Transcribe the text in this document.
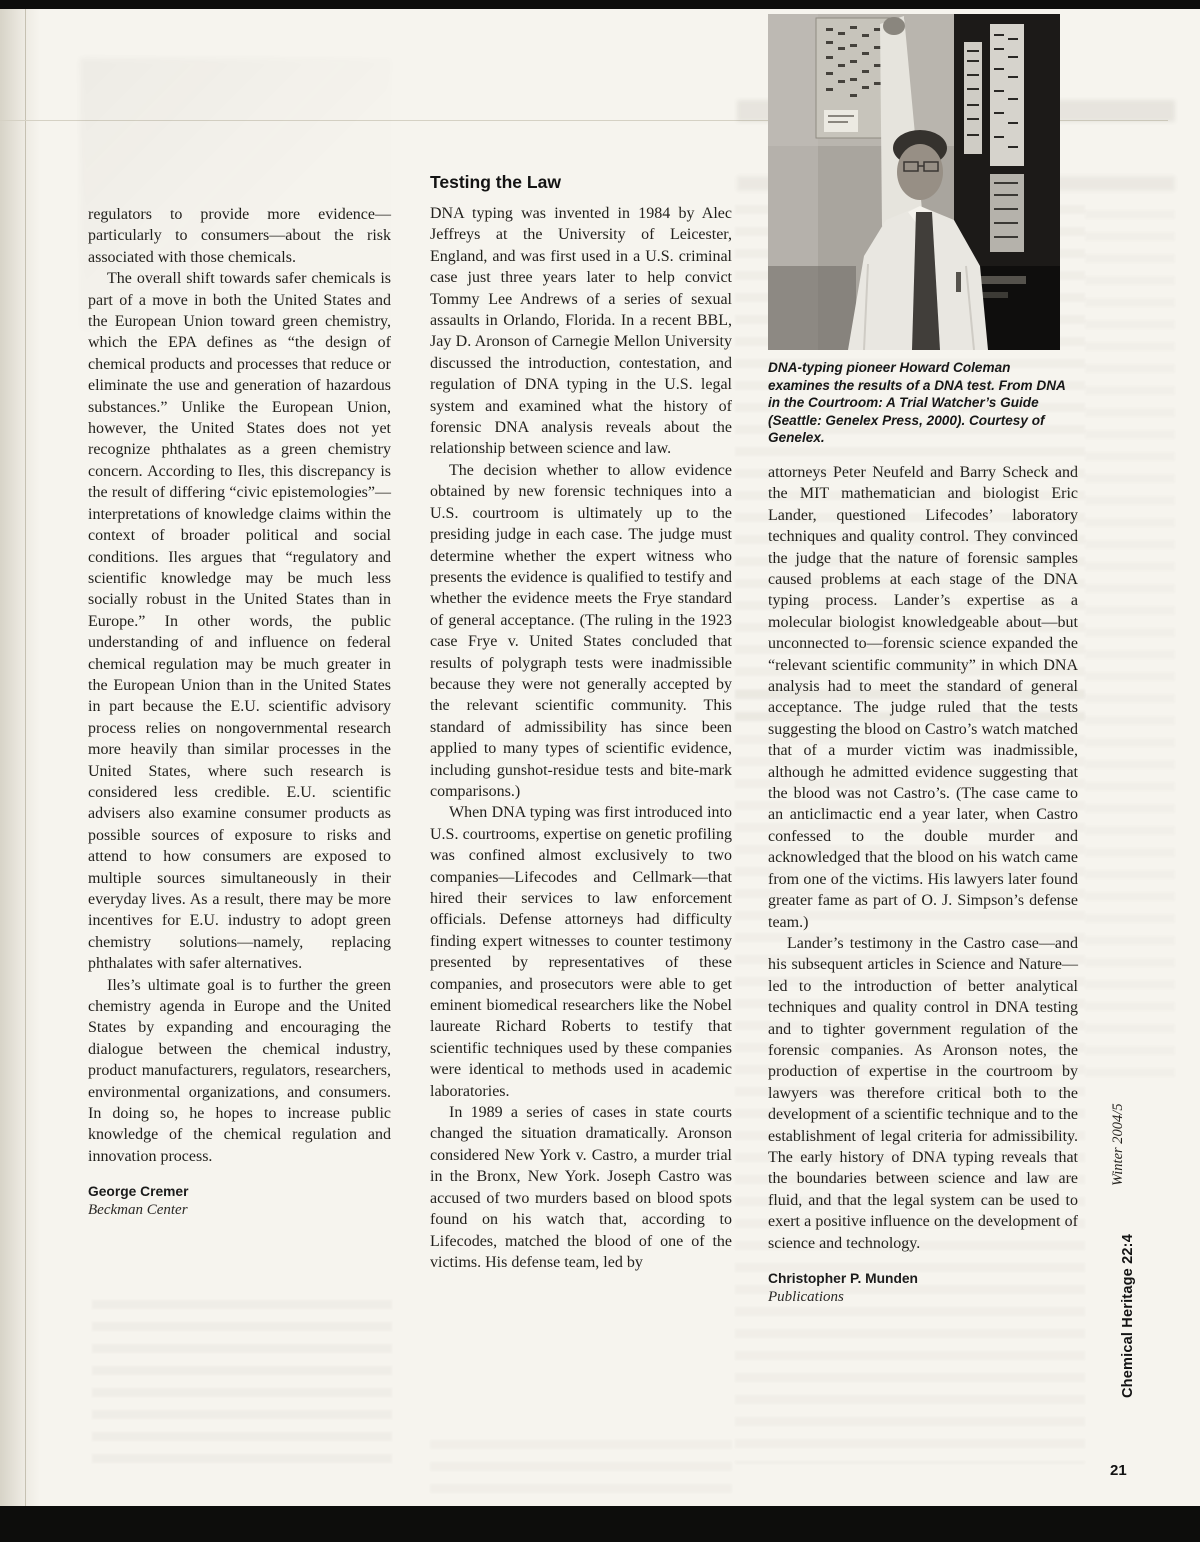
regulators to provide more evidence—particularly to consumers—about the risk associated with those chemicals.

The overall shift towards safer chemicals is part of a move in both the United States and the European Union toward green chemistry, which the EPA defines as “the design of chemical products and processes that reduce or eliminate the use and generation of hazardous substances.” Unlike the European Union, however, the United States does not yet recognize phthalates as a green chemistry concern. According to Iles, this discrepancy is the result of differing “civic epistemologies”—interpretations of knowledge claims within the context of broader political and social conditions. Iles argues that “regulatory and scientific knowledge may be much less socially robust in the United States than in Europe.” In other words, the public understanding of and influence on federal chemical regulation may be much greater in the European Union than in the United States in part because the E.U. scientific advisory process relies on nongovernmental research more heavily than similar processes in the United States, where such research is considered less credible. E.U. scientific advisers also examine consumer products as possible sources of exposure to risks and attend to how consumers are exposed to multiple sources simultaneously in their everyday lives. As a result, there may be more incentives for E.U. industry to adopt green chemistry solutions—namely, replacing phthalates with safer alternatives.

Iles’s ultimate goal is to further the green chemistry agenda in Europe and the United States by expanding and encouraging the dialogue between the chemical industry, product manufacturers, regulators, researchers, environmental organizations, and consumers. In doing so, he hopes to increase public knowledge of the chemical regulation and innovation process.

George Cremer
Beckman Center
Testing the Law

DNA typing was invented in 1984 by Alec Jeffreys at the University of Leicester, England, and was first used in a U.S. criminal case just three years later to help convict Tommy Lee Andrews of a series of sexual assaults in Orlando, Florida. In a recent BBL, Jay D. Aronson of Carnegie Mellon University discussed the introduction, contestation, and regulation of DNA typing in the U.S. legal system and examined what the history of forensic DNA analysis reveals about the relationship between science and law.

The decision whether to allow evidence obtained by new forensic techniques into a U.S. courtroom is ultimately up to the presiding judge in each case. The judge must determine whether the expert witness who presents the evidence is qualified to testify and whether the evidence meets the Frye standard of general acceptance. (The ruling in the 1923 case Frye v. United States concluded that results of polygraph tests were inadmissible because they were not generally accepted by the relevant scientific community. This standard of admissibility has since been applied to many types of scientific evidence, including gunshot-residue tests and bite-mark comparisons.)

When DNA typing was first introduced into U.S. courtrooms, expertise on genetic profiling was confined almost exclusively to two companies—Lifecodes and Cellmark—that hired their services to law enforcement officials. Defense attorneys had difficulty finding expert witnesses to counter testimony presented by representatives of these companies, and prosecutors were able to get eminent biomedical researchers like the Nobel laureate Richard Roberts to testify that scientific techniques used by these companies were identical to methods used in academic laboratories.

In 1989 a series of cases in state courts changed the situation dramatically. Aronson considered New York v. Castro, a murder trial in the Bronx, New York. Joseph Castro was accused of two murders based on blood spots found on his watch that, according to Lifecodes, matched the blood of one of the victims. His defense team, led by

DNA-typing pioneer Howard Coleman examines the results of a DNA test. From DNA in the Courtroom: A Trial Watcher’s Guide (Seattle: Genelex Press, 2000). Courtesy of Genelex.

attorneys Peter Neufeld and Barry Scheck and the MIT mathematician and biologist Eric Lander, questioned Lifecodes’ laboratory techniques and quality control. They convinced the judge that the nature of forensic samples caused problems at each stage of the DNA typing process. Lander’s expertise as a molecular biologist knowledgeable about—but unconnected to—forensic science expanded the “relevant scientific community” in which DNA analysis had to meet the standard of general acceptance. The judge ruled that the tests suggesting the blood on Castro’s watch matched that of a murder victim was inadmissible, although he admitted evidence suggesting that the blood was not Castro’s. (The case came to an anticlimactic end a year later, when Castro confessed to the double murder and acknowledged that the blood on his watch came from one of the victims. His lawyers later found greater fame as part of O. J. Simpson’s defense team.)

Lander’s testimony in the Castro case—and his subsequent articles in Science and Nature—led to the introduction of better analytical techniques and quality control in DNA testing and to tighter government regulation of the forensic companies. As Aronson notes, the production of expertise in the courtroom by lawyers was therefore critical both to the development of a scientific technique and to the establishment of legal criteria for admissibility. The early history of DNA typing reveals that the boundaries between science and law are fluid, and that the legal system can be used to exert a positive influence on the development of science and technology.

Christopher P. Munden
Publications
Winter 2004/5
Chemical Heritage 22:4
21
